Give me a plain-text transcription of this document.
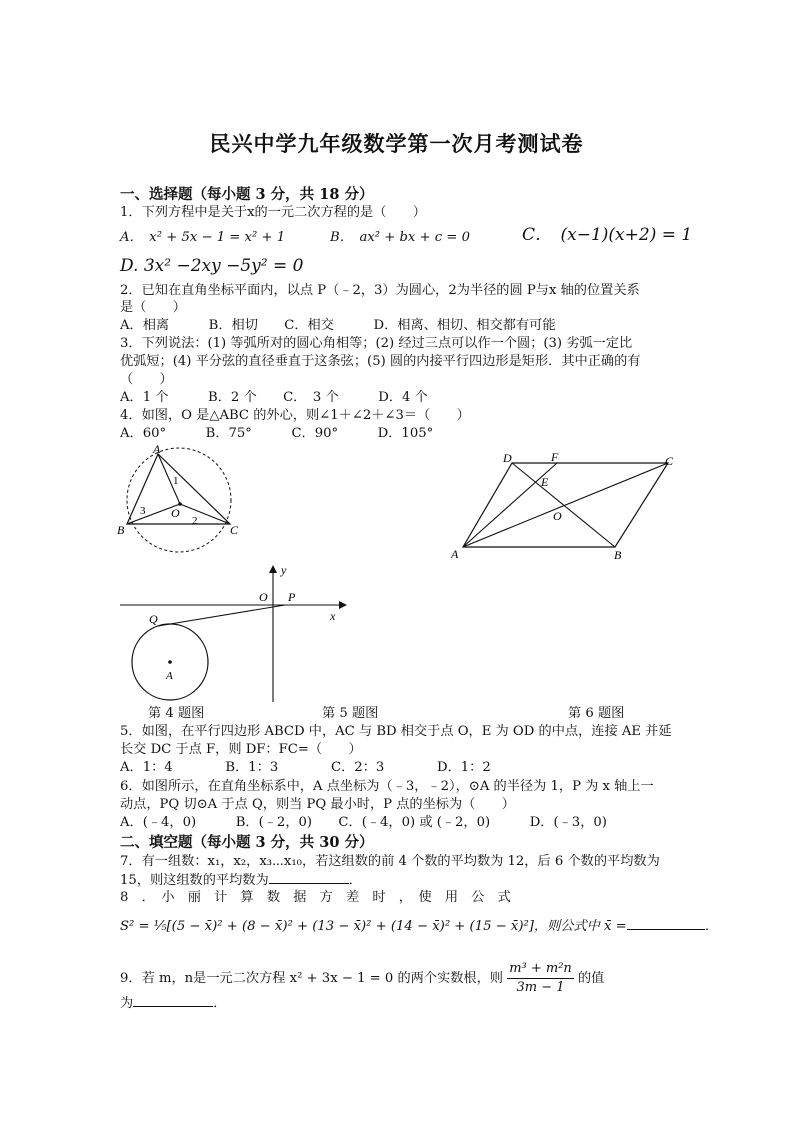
民兴中学九年级数学第一次月考测试卷
一、选择题（每小题 3 分，共 18 分）
1．下列方程中是关于x的一元二次方程的是（　　）
A．　x² + 5x − 1 = x² + 1	B．　ax² + bx + c = 0	C．　(x−1)(x+2) = 1
D. 3x² −2xy −5y² = 0
2．已知在直角坐标平面内，以点 P（﹣2，3）为圆心，2为半径的圆 P与x 轴的位置关系
是（　　）
A．相离　　　B．相切　　C．相交　　　D．相离、相切、相交都有可能
3．下列说法：(1) 等弧所对的圆心角相等；(2) 经过三点可以作一个圆；(3) 劣弧一定比
优弧短；(4) 平分弦的直径垂直于这条弦；(5) 圆的内接平行四边形是矩形．其中正确的有
（　　）
A．1 个　　　B．2 个　　C．　3 个　　　D．4 个
4．如图，O 是△ABC 的外心，则∠1＋∠2＋∠3＝（　　）
A．60°　　　B．75°　　　C．90°　　　D．105°
A
B	C
O
1
2
3
D	F	C
E
O
A	B
y
x
O P
Q
A
第 4 题图	第 5 题图	第 6 题图
5．如图，在平行四边形 ABCD 中，AC 与 BD 相交于点 O，E 为 OD 的中点，连接 AE 并延
长交 DC 于点 F，则 DF：FC=（　　）
A．1：4　　　　B．1：3　　　　C．2：3　　　　D．1：2
6．如图所示，在直角坐标系中，A 点坐标为（﹣3，﹣2），⊙A 的半径为 1，P 为 x 轴上一
动点，PQ 切⊙A 于点 Q，则当 PQ 最小时，P 点的坐标为（　　）
A．(﹣4，0)　　　B．(﹣2，0)　　C．(﹣4，0) 或 (﹣2，0)　　　D．(﹣3，0)
二、填空题（每小题 3 分，共 30 分）
7．有一组数：x₁，x₂，x₃⋯x₁₀，若这组数的前 4 个数的平均数为 12，后 6 个数的平均数为
15，则这组数的平均数为	．
8　．　小　丽　计　算　数　据　方　差　时　，　使　用　公　式
S² = ⅕[(5 − x̄)² + (8 − x̄)² + (13 − x̄)² + (14 − x̄)² + (15 − x̄)²]，则公式中 x̄ =	．
9．若 m，n是一元二次方程 x² + 3x − 1 = 0 的两个实数根，则 $\frac{\text{m³ + m²n}}{3m - 1}$ 的值
为	．
